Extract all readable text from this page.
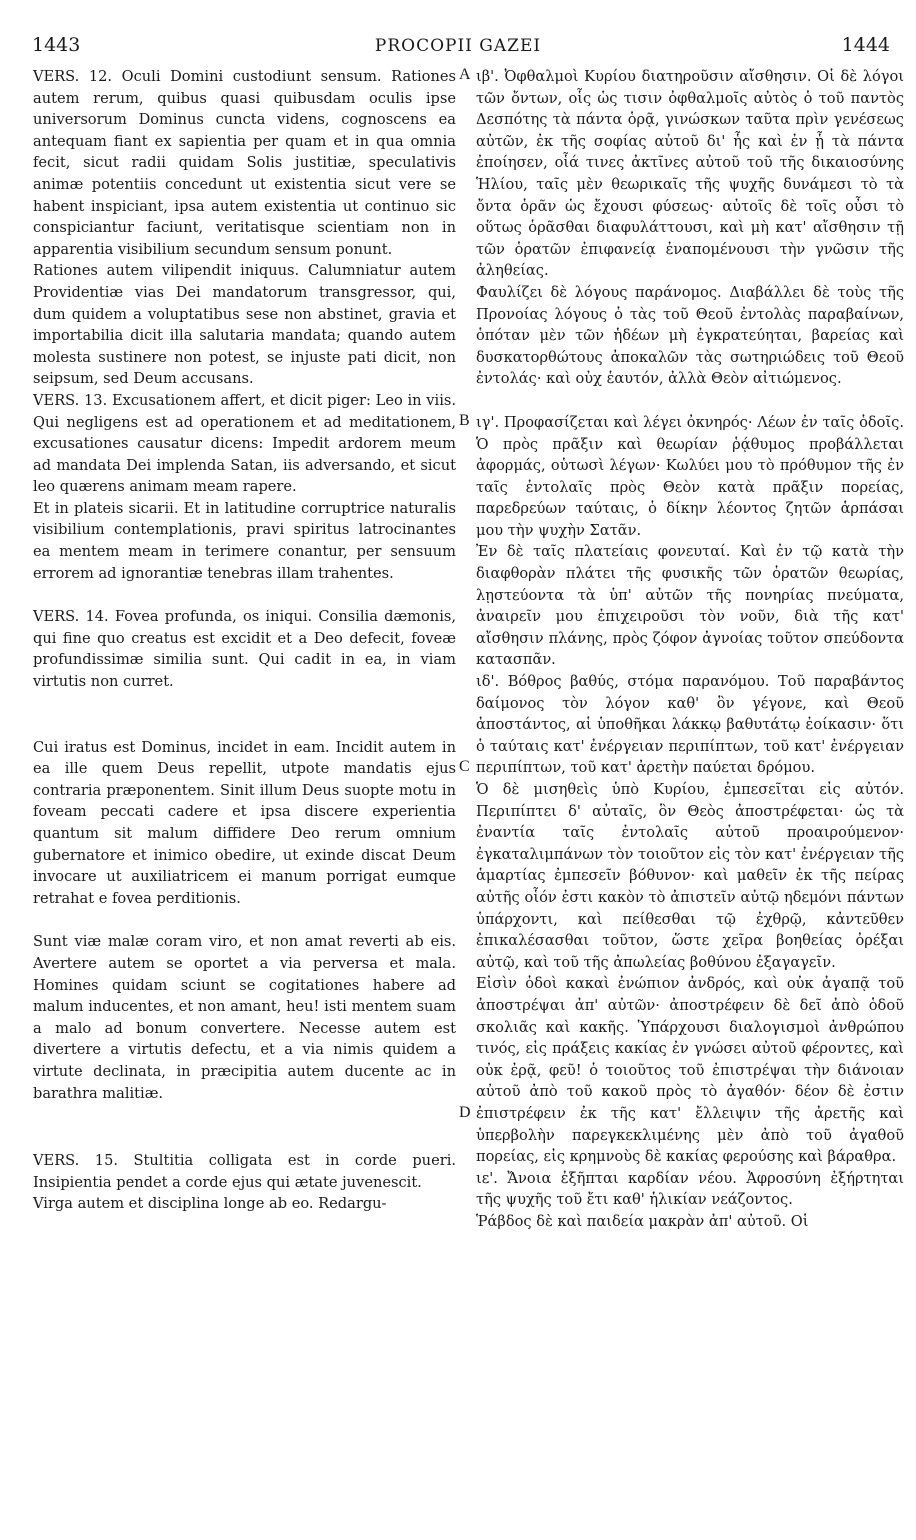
1443	PROCOPII GAZEI	1444

VERS. 12. Oculi Domini custodiunt sensum. Rationes autem rerum, quibus quasi quibusdam oculis ipse universorum Dominus cuncta videns, cognoscens ea antequam fiant ex sapientia per quam et in qua omnia fecit, sicut radii quidam Solis justitiæ, speculativis animæ potentiis concedunt ut existentia sicut vere se habent inspiciant, ipsa autem existentia ut continuo sic conspiciantur faciunt, veritatisque scientiam non in apparentia visibilium secundum sensum ponunt.

Rationes autem vilipendit iniquus. Calumniatur autem Providentiæ vias Dei mandatorum transgressor, qui, dum quidem a voluptatibus sese non abstinet, gravia et importabilia dicit illa salutaria mandata; quando autem molesta sustinere non potest, se injuste pati dicit, non seipsum, sed Deum accusans.

VERS. 13. Excusationem affert, et dicit piger: Leo in viis. Qui negligens est ad operationem et ad meditationem, excusationes causatur dicens: Impedit ardorem meum ad mandata Dei implenda Satan, iis adversando, et sicut leo quærens animam meam rapere.

Et in plateis sicarii. Et in latitudine corruptrice naturalis visibilium contemplationis, pravi spiritus latrocinantes ea mentem meam in terimere conantur, per sensuum errorem ad ignorantiæ tenebras illam trahentes.

VERS. 14. Fovea profunda, os iniqui. Consilia dæmonis, qui fine quo creatus est excidit et a Deo defecit, foveæ profundissimæ similia sunt. Qui cadit in ea, in viam virtutis non curret.

Cui iratus est Dominus, incidet in eam. Incidit autem in ea ille quem Deus repellit, utpote mandatis ejus contraria præponentem. Sinit illum Deus suopte motu in foveam peccati cadere et ipsa discere experientia quantum sit malum diffidere Deo rerum omnium gubernatore et inimico obedire, ut exinde discat Deum invocare ut auxiliatricem ei manum porrigat eumque retrahat e fovea perditionis.

Sunt viæ malæ coram viro, et non amat reverti ab eis. Avertere autem se oportet a via perversa et mala. Homines quidam sciunt se cogitationes habere ad malum inducentes, et non amant, heu! isti mentem suam a malo ad bonum convertere. Necesse autem est divertere a virtutis defectu, et a via nimis quidem a virtute declinata, in præcipitia autem ducente ac in barathra malitiæ.

VERS. 15. Stultitia colligata est in corde pueri. Insipientia pendet a corde ejus qui ætate juvenescit.

Virga autem et disciplina longe ab eo. Redargu-

A
B
C
D

ιβ'. Ὀφθαλμοὶ Κυρίου διατηροῦσιν αἴσθησιν. Οἱ δὲ λόγοι τῶν ὄντων, οἷς ὡς τισιν ὀφθαλμοῖς αὐτὸς ὁ τοῦ παντὸς Δεσπότης τὰ πάντα ὁρᾷ, γινώσκων ταῦτα πρὶν γενέσεως αὐτῶν, ἐκ τῆς σοφίας αὐτοῦ δι' ἧς καὶ ἐν ᾗ τὰ πάντα ἐποίησεν, οἷά τινες ἀκτῖνες αὐτοῦ τοῦ τῆς δικαιοσύνης Ἡλίου, ταῖς μὲν θεωρικαῖς τῆς ψυχῆς δυνάμεσι τὸ τὰ ὄντα ὁρᾶν ὡς ἔχουσι φύσεως· αὐτοῖς δὲ τοῖς οὖσι τὸ οὕτως ὁρᾶσθαι διαφυλάττουσι, καὶ μὴ κατ' αἴσθησιν τῇ τῶν ὁρατῶν ἐπιφανείᾳ ἐναπομένουσι τὴν γνῶσιν τῆς ἀληθείας.

Φαυλίζει δὲ λόγους παράνομος. Διαβάλλει δὲ τοὺς τῆς Προνοίας λόγους ὁ τὰς τοῦ Θεοῦ ἐντολὰς παραβαίνων, ὁπόταν μὲν τῶν ἡδέων μὴ ἐγκρατεύηται, βαρείας καὶ δυσκατορθώτους ἀποκαλῶν τὰς σωτηριώδεις τοῦ Θεοῦ ἐντολάς· καὶ οὐχ ἑαυτόν, ἀλλὰ Θεὸν αἰτιώμενος.

ιγ'. Προφασίζεται καὶ λέγει ὀκνηρός· Λέων ἐν ταῖς ὁδοῖς. Ὁ πρὸς πρᾶξιν καὶ θεωρίαν ῥᾴθυμος προβάλλεται ἀφορμάς, οὑτωσὶ λέγων· Κωλύει μου τὸ πρόθυμον τῆς ἐν ταῖς ἐντολαῖς πρὸς Θεὸν κατὰ πρᾶξιν πορείας, παρεδρεύων ταύταις, ὁ δίκην λέοντος ζητῶν ἁρπάσαι μου τὴν ψυχὴν Σατᾶν.

Ἐν δὲ ταῖς πλατείαις φονευταί. Καὶ ἐν τῷ κατὰ τὴν διαφθορὰν πλάτει τῆς φυσικῆς τῶν ὁρατῶν θεωρίας, λῃστεύοντα τὰ ὑπ' αὐτῶν τῆς πονηρίας πνεύματα, ἀναιρεῖν μου ἐπιχειροῦσι τὸν νοῦν, διὰ τῆς κατ' αἴσθησιν πλάνης, πρὸς ζόφον ἀγνοίας τοῦτον σπεύδοντα κατασπᾶν.

ιδ'. Βόθρος βαθύς, στόμα παρανόμου. Τοῦ παραβάντος δαίμονος τὸν λόγον καθ' ὃν γέγονε, καὶ Θεοῦ ἀποστάντος, αἱ ὑποθῆκαι λάκκῳ βαθυτάτῳ ἐοίκασιν· ὅτι ὁ ταύταις κατ' ἐνέργειαν περιπίπτων, τοῦ κατ' ἐνέργειαν περιπίπτων, τοῦ κατ' ἀρετὴν παύεται δρόμου.

Ὁ δὲ μισηθεὶς ὑπὸ Κυρίου, ἐμπεσεῖται εἰς αὐτόν. Περιπίπτει δ' αὐταῖς, ὃν Θεὸς ἀποστρέφεται· ὡς τὰ ἐναντία ταῖς ἐντολαῖς αὐτοῦ προαιρούμενον· ἐγκαταλιμπάνων τὸν τοιοῦτον εἰς τὸν κατ' ἐνέργειαν τῆς ἁμαρτίας ἐμπεσεῖν βόθυνον· καὶ μαθεῖν ἐκ τῆς πείρας αὐτῆς οἷόν ἐστι κακὸν τὸ ἀπιστεῖν αὐτῷ ηδεμόνι πάντων ὑπάρχοντι, καὶ πείθεσθαι τῷ ἐχθρῷ, κἀντεῦθεν ἐπικαλέσασθαι τοῦτον, ὥστε χεῖρα βοηθείας ὀρέξαι αὐτῷ, καὶ τοῦ τῆς ἀπωλείας βοθύνου ἐξαγαγεῖν.

Εἰσὶν ὁδοὶ κακαὶ ἐνώπιον ἀνδρός, καὶ οὐκ ἀγαπᾷ τοῦ ἀποστρέψαι ἀπ' αὐτῶν· ἀποστρέφειν δὲ δεῖ ἀπὸ ὁδοῦ σκολιᾶς καὶ κακῆς. Ὑπάρχουσι διαλογισμοὶ ἀνθρώπου τινός, εἰς πράξεις κακίας ἐν γνώσει αὐτοῦ φέροντες, καὶ οὐκ ἐρᾷ, φεῦ! ὁ τοιοῦτος τοῦ ἐπιστρέψαι τὴν διάνοιαν αὐτοῦ ἀπὸ τοῦ κακοῦ πρὸς τὸ ἀγαθόν· δέον δὲ ἐστιν ἐπιστρέφειν ἐκ τῆς κατ' ἔλλειψιν τῆς ἀρετῆς καὶ ὑπερβολὴν παρεγκεκλιμένης μὲν ἀπὸ τοῦ ἀγαθοῦ πορείας, εἰς κρημνοὺς δὲ κακίας φερούσης καὶ βάραθρα.

ιε'. Ἄνοια ἐξῆπται καρδίαν νέου. Ἀφροσύνη ἐξήρτηται τῆς ψυχῆς τοῦ ἔτι καθ' ἡλικίαν νεάζοντος.

Ῥάβδος δὲ καὶ παιδεία μακρὰν ἀπ' αὐτοῦ. Οἱ
